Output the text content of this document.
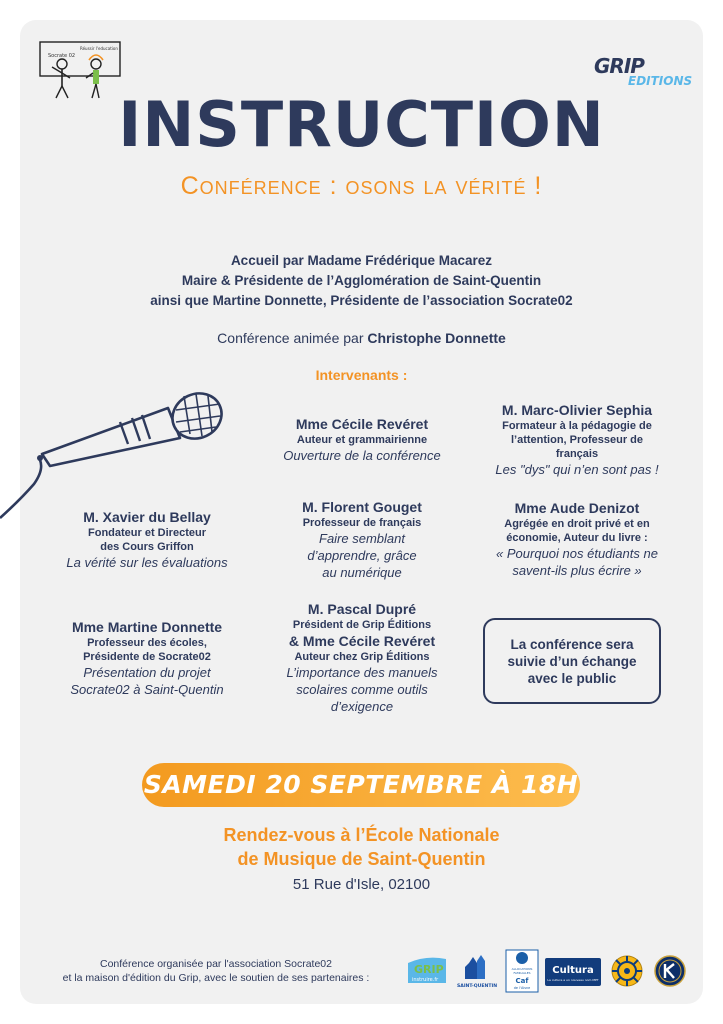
Socrate 02
Réussir l'education
GRIP
EDITIONS
INSTRUCTION
Conférence : osons la vérité !
Accueil par Madame Frédérique Macarez
Maire & Présidente de l’Agglomération de Saint-Quentin
ainsi que Martine Donnette, Présidente de l’association Socrate02
Conférence animée par Christophe Donnette
Intervenants :
Mme Cécile Revéret
Auteur et grammairienne
Ouverture de la conférence
M. Marc-Olivier Sephia
Formateur à la pédagogie de
l’attention, Professeur de
français
Les "dys" qui n’en sont pas !
M. Xavier du Bellay
Fondateur et Directeur
des Cours Griffon
La vérité sur les évaluations
M. Florent Gouget
Professeur de français
Faire semblant
d’apprendre, grâce
au numérique
Mme Aude Denizot
Agrégée en droit privé et en
économie, Auteur du livre :
« Pourquoi nos étudiants ne
savent-ils plus écrire »
Mme Martine Donnette
Professeur des écoles,
Présidente de Socrate02
Présentation du projet
Socrate02 à Saint-Quentin
M. Pascal Dupré
Président de Grip Éditions
& Mme Cécile Revéret
Auteur chez Grip Éditions
L’importance des manuels
scolaires comme outils
d’exigence
La conférence sera
suivie d’un échange
avec le public
SAMEDI 20 SEPTEMBRE À 18H
Rendez-vous à l’École Nationale
de Musique de Saint-Quentin
51 Rue d'Isle, 02100
Conférence organisée par l'association Socrate02
et la maison d'édition du Grip, avec le soutien de ses partenaires :
GRIP
instruire.fr
SAINT-QUENTIN
ALLOCATIONS
FAMILIALES
Caf
de l'Aisne
Cultura
La culture a un nouveau nom MPT
